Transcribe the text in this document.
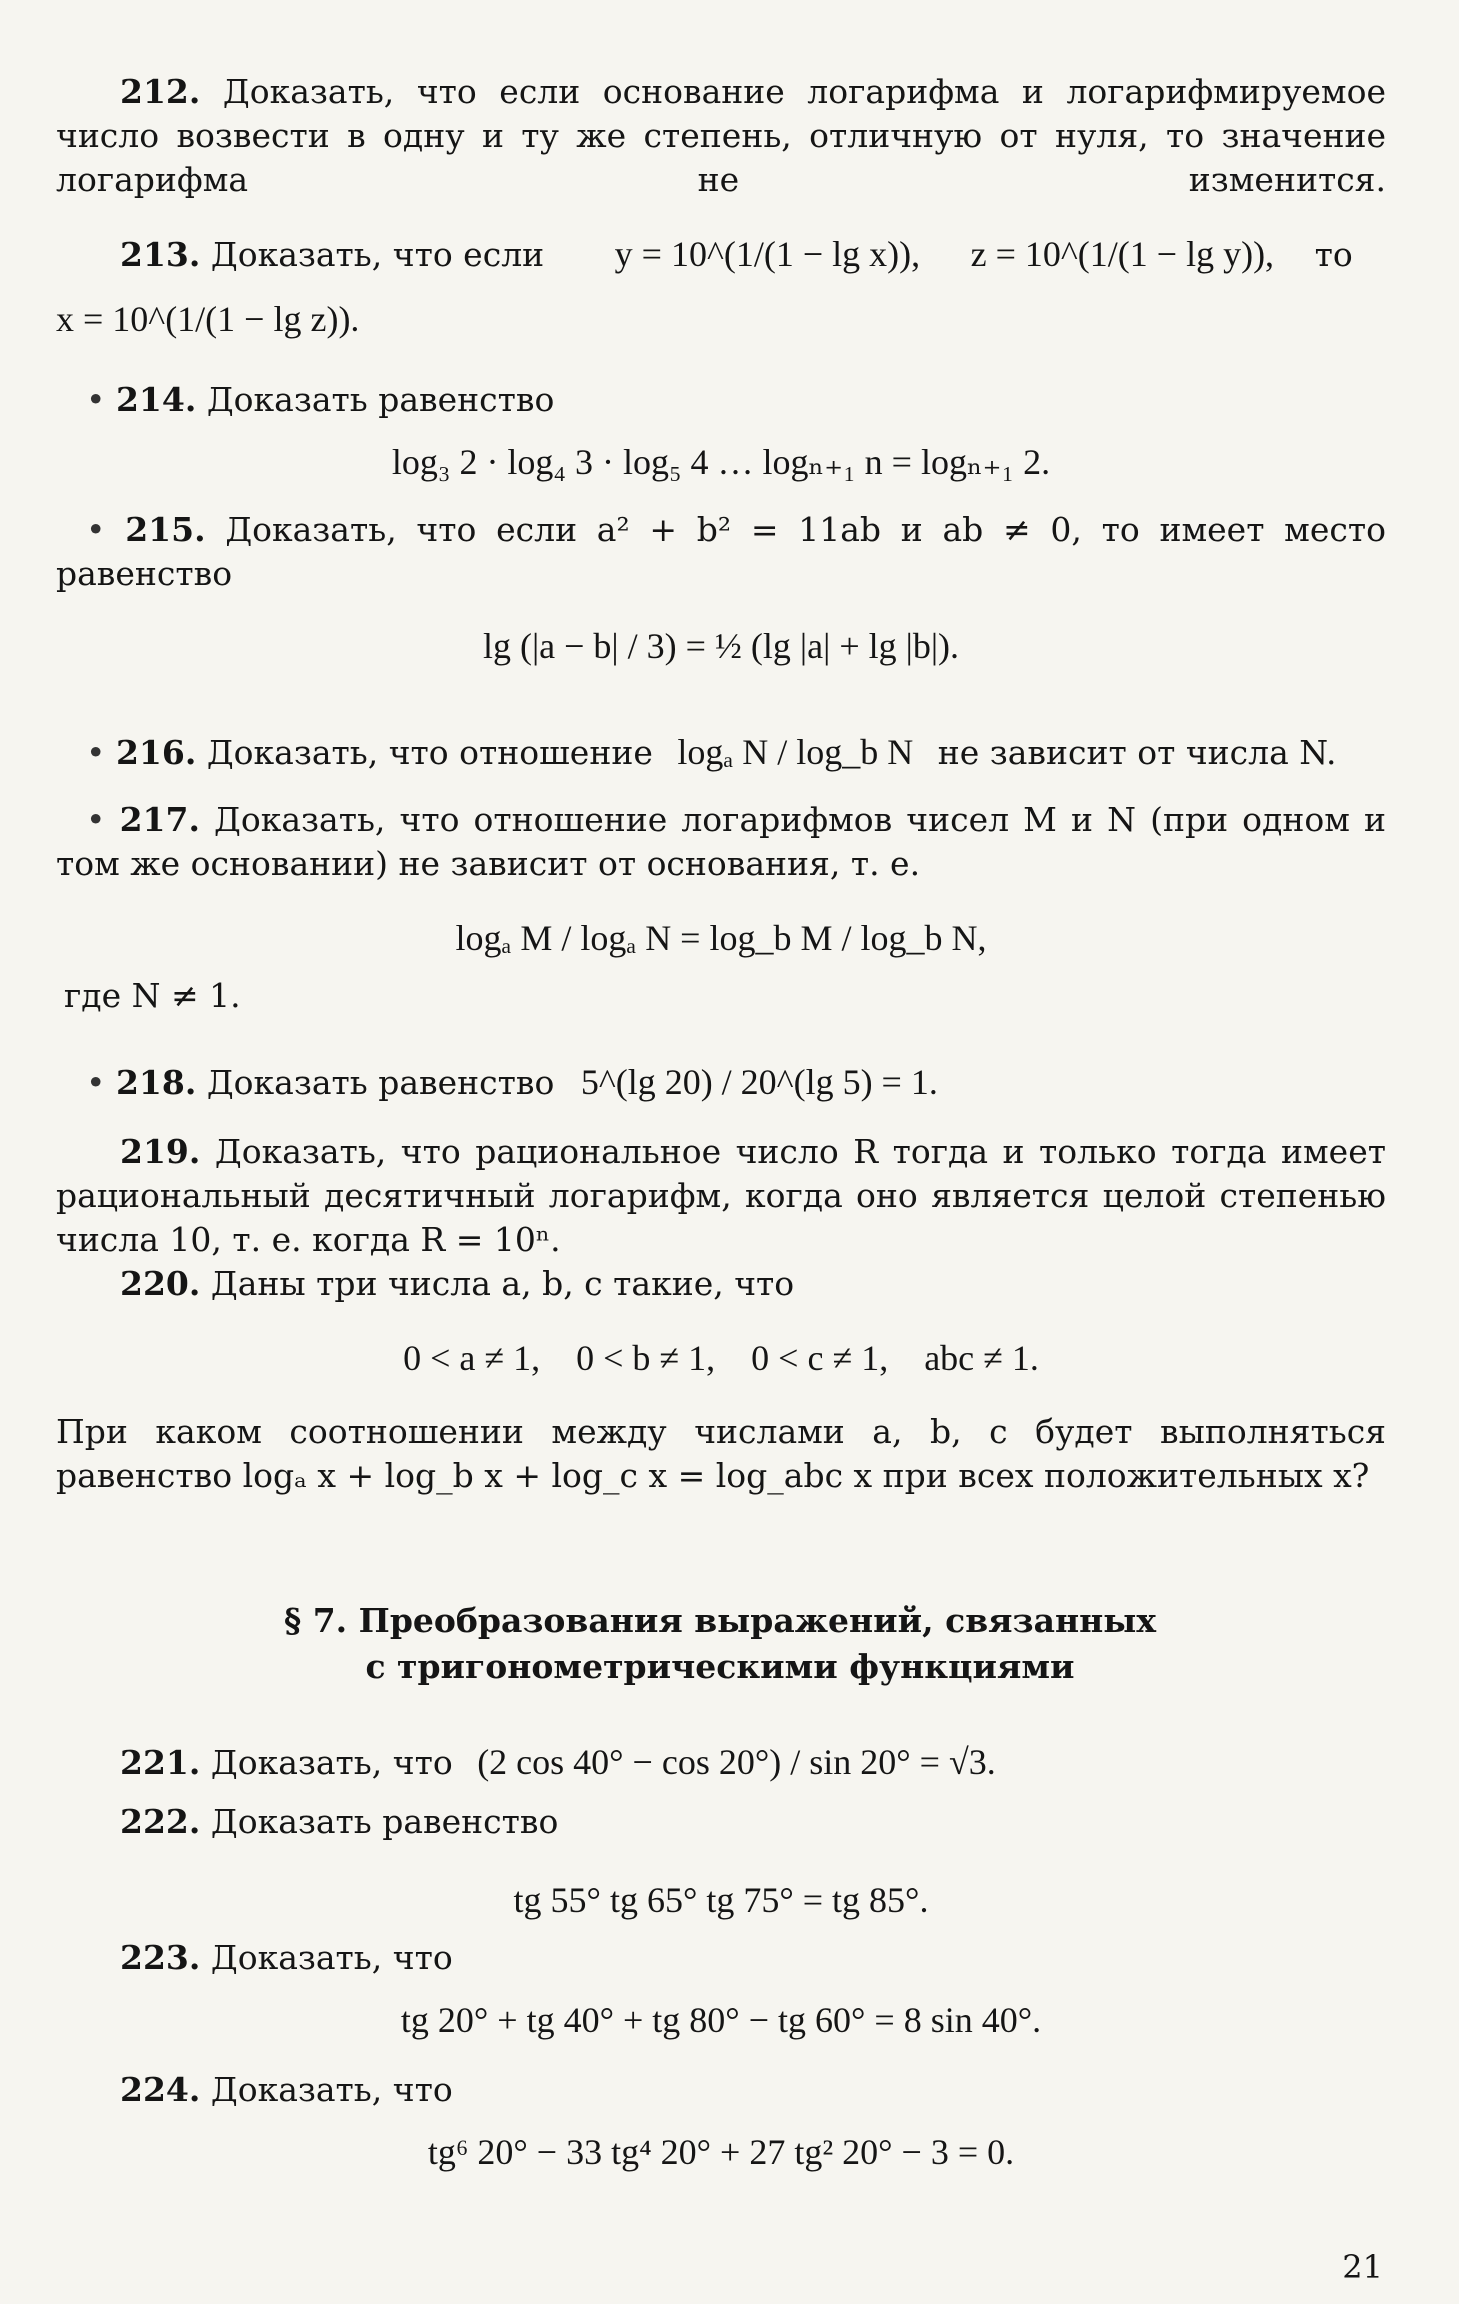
212. Доказать, что если основание логарифма и логарифмируемое число возвести в одну и ту же степень, отличную от нуля, то значение логарифма не изменится.

213. Доказать, что если y = 10^(1/(1 − lg x)), z = 10^(1/(1 − lg y)), то

x = 10^(1/(1 − lg z)).

• 214. Доказать равенство

log₃ 2 · log₄ 3 · log₅ 4 … logₙ₊₁ n = logₙ₊₁ 2.

• 215. Доказать, что если a² + b² = 11ab и ab ≠ 0, то имеет место равенство

lg (|a − b| / 3) = ½ (lg |a| + lg |b|).

• 216. Доказать, что отношение logₐ N / log_b N не зависит от числа N.

• 217. Доказать, что отношение логарифмов чисел M и N (при одном и том же основании) не зависит от основания, т. е.

logₐ M / logₐ N = log_b M / log_b N,

где N ≠ 1.

• 218. Доказать равенство 5^(lg 20) / 20^(lg 5) = 1.

219. Доказать, что рациональное число R тогда и только тогда имеет рациональный десятичный логарифм, когда оно является целой степенью числа 10, т. е. когда R = 10ⁿ.

220. Даны три числа a, b, c такие, что

0 < a ≠ 1,    0 < b ≠ 1,    0 < c ≠ 1,    abc ≠ 1.

При каком соотношении между числами a, b, c будет выполняться равенство logₐ x + log_b x + log_c x = log_abc x при всех положительных x?

§ 7. Преобразования выражений, связанных
с тригонометрическими функциями

221. Доказать, что (2 cos 40° − cos 20°) / sin 20° = √3.

222. Доказать равенство

tg 55° tg 65° tg 75° = tg 85°.

223. Доказать, что

tg 20° + tg 40° + tg 80° − tg 60° = 8 sin 40°.

224. Доказать, что

tg⁶ 20° − 33 tg⁴ 20° + 27 tg² 20° − 3 = 0.

21
